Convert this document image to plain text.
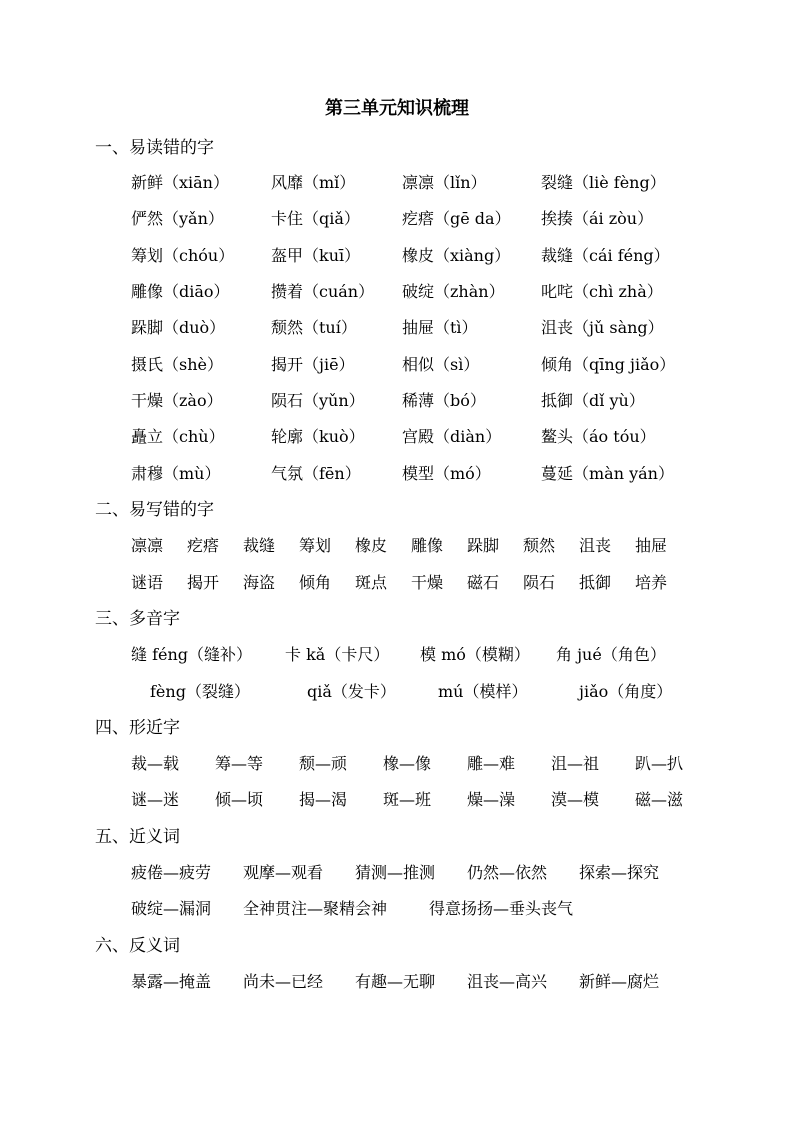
第三单元知识梳理
一、易读错的字
新鲜（xiān）	风靡（mǐ）	凛凛（lǐn）	裂缝（liè fèng）
俨然（yǎn）	卡住（qiǎ）	疙瘩（gē da） 挨揍（ái zòu）
筹划（chóu） 盔甲（kuī）	橡皮（xiàng） 裁缝（cái féng）
雕像（diāo）	攒着（cuán） 破绽（zhàn） 叱咤（chì zhà）
跺脚（duò）	颓然（tuí）	抽屉（tì）	沮丧（jǔ sàng）
摄氏（shè）	揭开（jiē）	相似（sì）	倾角（qīng jiǎo）
干燥（zào）	陨石（yǔn） 稀薄（bó）	抵御（dǐ yù）
矗立（chù）	轮廓（kuò） 宫殿（diàn） 鳌头（áo tóu）
肃穆（mù）	气氛（fēn）	模型（mó）	蔓延（màn yán）
二、易写错的字
凛凛 疙瘩 裁缝 筹划 橡皮 雕像 跺脚 颓然 沮丧 抽屉
谜语 揭开 海盗 倾角 斑点 干燥 磁石 陨石 抵御 培养
三、多音字
缝 féng（缝补） 卡 kǎ（卡尺） 模 mó（模糊） 角 jué（角色）
fèng（裂缝）	qiǎ（发卡）	mú（模样）	jiǎo（角度）
四、形近字
裁—载 筹—等 颓—顽 橡—像 雕—难 沮—祖 趴—扒
谜—迷 倾—顷 揭—渴 斑—班 燥—澡 漠—模 磁—滋
五、近义词
疲倦—疲劳 观摩—观看 猜测—推测 仍然—依然 探索—探究
破绽—漏洞 全神贯注—聚精会神	得意扬扬—垂头丧气
六、反义词
暴露—掩盖 尚未—已经 有趣—无聊 沮丧—高兴 新鲜—腐烂
